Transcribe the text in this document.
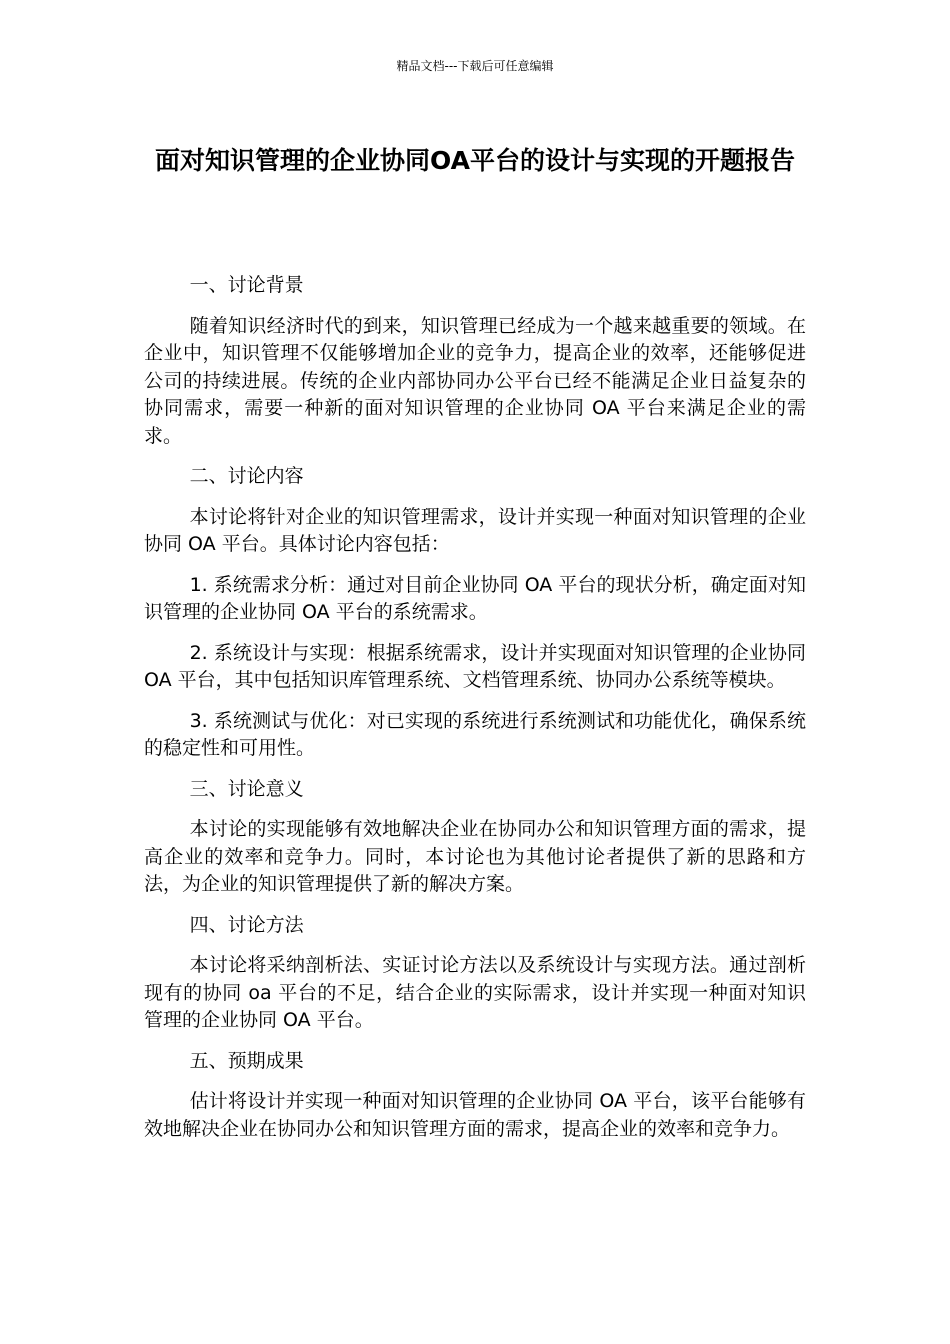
精品文档---下载后可任意编辑
面对知识管理的企业协同OA平台的设计与实现的开题报告

一、讨论背景

随着知识经济时代的到来，知识管理已经成为一个越来越重要的领域。在企业中，知识管理不仅能够增加企业的竞争力，提高企业的效率，还能够促进公司的持续进展。传统的企业内部协同办公平台已经不能满足企业日益复杂的协同需求，需要一种新的面对知识管理的企业协同 OA 平台来满足企业的需求。

二、讨论内容

本讨论将针对企业的知识管理需求，设计并实现一种面对知识管理的企业协同 OA 平台。具体讨论内容包括：

1. 系统需求分析：通过对目前企业协同 OA 平台的现状分析，确定面对知识管理的企业协同 OA 平台的系统需求。

2. 系统设计与实现：根据系统需求，设计并实现面对知识管理的企业协同 OA 平台，其中包括知识库管理系统、文档管理系统、协同办公系统等模块。

3. 系统测试与优化：对已实现的系统进行系统测试和功能优化，确保系统的稳定性和可用性。

三、讨论意义

本讨论的实现能够有效地解决企业在协同办公和知识管理方面的需求，提高企业的效率和竞争力。同时，本讨论也为其他讨论者提供了新的思路和方法，为企业的知识管理提供了新的解决方案。

四、讨论方法

本讨论将采纳剖析法、实证讨论方法以及系统设计与实现方法。通过剖析现有的协同 oa 平台的不足，结合企业的实际需求，设计并实现一种面对知识管理的企业协同 OA 平台。

五、预期成果

估计将设计并实现一种面对知识管理的企业协同 OA 平台，该平台能够有效地解决企业在协同办公和知识管理方面的需求，提高企业的效率和竞争力。
